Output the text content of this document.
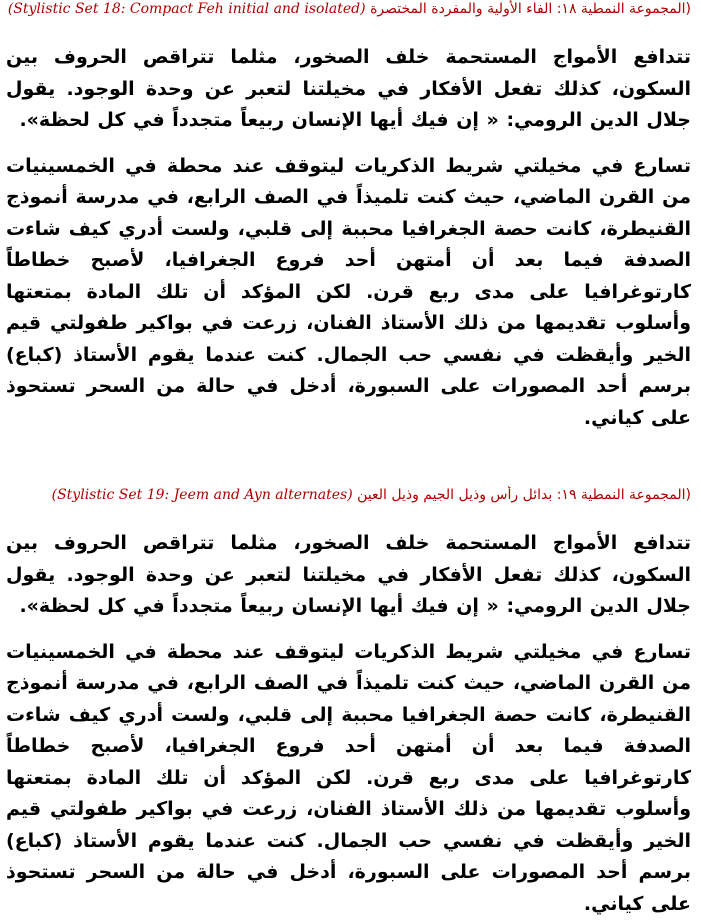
(المجموعة النمطية ١٨: الفاء الأولية والمفردة المختصرة (Stylistic Set 18: Compact Feh initial and isolated)

تتدافع الأمواج المستحمة خلف الصخور، مثلما تتراقص الحروف بين السكون، كذلك تفعل الأفكار في مخيلتنا لتعبر عن وحدة الوجود. يقول جلال الدين الرومي: « إن فيك أيها الإنسان ربيعاً متجدداً في كل لحظة».

تسارع في مخيلتي شريط الذكريات ليتوقف عند محطة في الخمسينيات من القرن الماضي، حيث كنت تلميذاً في الصف الرابع، في مدرسة أنموذج القنيطرة، كانت حصة الجغرافيا محببة إلى قلبي، ولست أدري كيف شاءت الصدفة فيما بعد أن أمتهن أحد فروع الجغرافيا، لأصبح خطاطاً كارتوغرافيا على مدى ربع قرن. لكن المؤكد أن تلك المادة بمتعتها وأسلوب تقديمها من ذلك الأستاذ الفنان، زرعت في بواكير طفولتي قيم الخير وأيقظت في نفسي حب الجمال. كنت عندما يقوم الأستاذ (كباع) برسم أحد المصورات على السبورة، أدخل في حالة من السحر تستحوذ على كياني.

(المجموعة النمطية ١٩: بدائل رأس وذيل الجيم وذيل العين (Stylistic Set 19: Jeem and Ayn alternates)

تتدافع الأمواج المستحمة خلف الصخور، مثلما تتراقص الحروف بين السكون، كذلك تفعل الأفكار في مخيلتنا لتعبر عن وحدة الوجود. يقول جلال الدين الرومي: « إن فيك أيها الإنسان ربيعاً متجدداً في كل لحظة».

تسارع في مخيلتي شريط الذكريات ليتوقف عند محطة في الخمسينيات من القرن الماضي، حيث كنت تلميذاً في الصف الرابع، في مدرسة أنموذج القنيطرة، كانت حصة الجغرافيا محببة إلى قلبي، ولست أدري كيف شاءت الصدفة فيما بعد أن أمتهن أحد فروع الجغرافيا، لأصبح خطاطاً كارتوغرافيا على مدى ربع قرن. لكن المؤكد أن تلك المادة بمتعتها وأسلوب تقديمها من ذلك الأستاذ الفنان، زرعت في بواكير طفولتي قيم الخير وأيقظت في نفسي حب الجمال. كنت عندما يقوم الأستاذ (كباع) برسم أحد المصورات على السبورة، أدخل في حالة من السحر تستحوذ على كياني.
